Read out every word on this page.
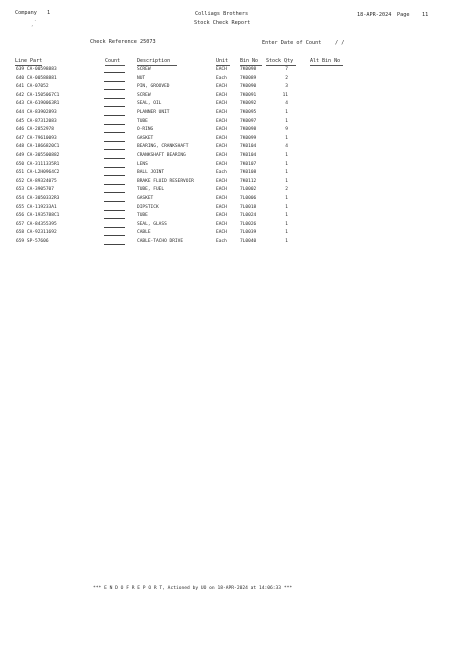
Company 1
.
,
Colliags Brothers
Stock Check Report
18-APR-2024 Page 11
Check Reference 25073	Enter Date of Count	/ /
Line Part	Count	Description	Unit Bin No Stock Qty	Alt Bin No
639 CA-00598883	SCREW	EACH	7K0098	7
640 CA-00588881	NUT	Each	7K0089	2
641 CA-07052	PIN, GROOVED	EACH	7K0090	3
642 CA-1505067C1	SCREW	EACH	7K0091	11
643 CA-6190063R1	SEAL, OIL	EACH	7K0092	4
644 CA-83902893	PLANNER UNIT	EACH	7K0095	1
645 CA-87312083	TUBE	EACH	7K0097	1
646 CA-2852978	O-RING	EACH	7K0098	9
647 CA-79610093	GASKET	EACH	7K0099	1
648 CA-1866820C1	BEARING, CRANKSHAFT	EACH	7K0104	4
649 CA-305500882	CRANKSHAFT BEARING	EACH	7K0104	1
650 CA-3111335R1	LENS	EACH	7K0107	1
651 CA-L2H0964C2	BALL JOINT	Each	7K0108	1
652 CA-89324075	BRAKE FLUID RESERVOIR	EACH	7K0112	1
653 CA-3905707	TUBE, FUEL	EACH	7L0002	2
654 CA-3050332R3	GASKET	EACH	7L0006	1
655 CA-119233A1	DIPSTICK	EACH	7L0018	1
656 CA-1935788C1	TUBE	EACH	7L0024	1
657 CA-84355395	SEAL, GLASS	EACH	7L0026	1
658 CA-92311692	CABLE	EACH	7L0039	1
659 SP-57606	CABLE-TACHO DRIVE	Each	7L0040	1
*** E N D O F R E P O R T, Actioned by UO on 18-APR-2024 at 14:06:33 ***
